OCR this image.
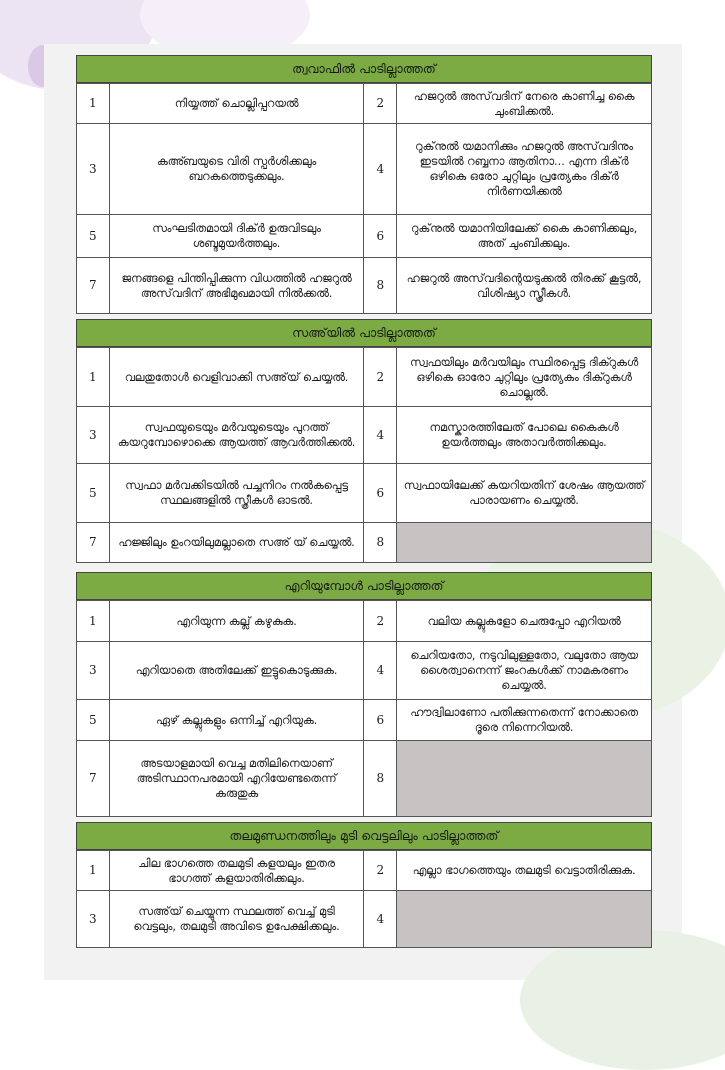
ത്വവാഫിൽ പാടില്ലാത്തത്
1	നിയ്യത്ത് ചൊല്ലിപ്പറയൽ	2	ഹജറുൽ അസ്‌വദിന് നേരെ കാണിച്ച കൈ ചുംബിക്കൽ.
3	കഅ്ബയുടെ വിരി സ്പർശിക്കലും ബറകത്തെടുക്കലും.	4	റുക്‌നുൽ യമാനിക്കും ഹജറുൽ അസ്‌വദിനും ഇടയിൽ റബ്ബനാ ആതിനാ... എന്ന ദിക്ർ ഒഴികെ ഒരോ ചുറ്റിലും പ്രത്യേകം ദിക്ർ നിർണയിക്കൽ
5	സംഘടിതമായി ദിക്ർ ഉരുവിടലും ശബ്ദമുയർത്തലും.	6	റുക്‌നുൽ യമാനിയിലേക്ക് കൈ കാണിക്കലും, അത് ചുംബിക്കലും.
7	ജനങ്ങളെ പിന്തിപ്പിക്കുന്ന വിധത്തിൽ ഹജറുൽ അസ്‌വദിന് അഭിമുഖമായി നിൽക്കൽ.	8	ഹജറുൽ അസ്‌വദിന്റെയടുക്കൽ തിരക്ക് കൂട്ടൽ, വിശിഷ്യാ സ്ത്രീകൾ.
സഅ്‌യിൽ പാടില്ലാത്തത്
1	വലതുതോൾ വെളിവാക്കി സഅ്‌യ് ചെയ്യൽ.	2	സ്വഫയിലും മർവയിലും സ്ഥിരപ്പെട്ട ദിക്റുകൾ ഒഴികെ ഓരോ ചുറ്റിലും പ്രത്യേകം ദിക്റുകൾ ചൊല്ലൽ.
3	സ്വഫയുടെയും മർവയുടെയും പുറത്ത് കയറുമ്പോഴൊക്കെ ആയത്ത് ആവർത്തിക്കൽ.	4	നമസ്കാരത്തിലേത് പോലെ കൈകൾ ഉയർത്തലും അതാവർത്തിക്കലും.
5	സ്വഫാ മർവക്കിടയിൽ പച്ചനിറം നൽകപ്പെട്ട സ്ഥലങ്ങളിൽ സ്ത്രീകൾ ഓടൽ.	6	സ്വഫായിലേക്ക് കയറിയതിന് ശേഷം ആയത്ത് പാരായണം ചെയ്യൽ.
7	ഹജ്ജിലും ഉംറയിലുമല്ലാതെ സഅ് യ് ചെയ്യൽ.	8	
എറിയുമ്പോൾ പാടില്ലാത്തത്
1	എറിയുന്ന കല്ല് കഴുകുക.	2	വലിയ കല്ലുകളോ ചെരുപ്പോ എറിയൽ
3	എറിയാതെ അതിലേക്ക് ഇട്ടുകൊടുക്കുക.	4	ചെറിയതോ, നടുവിലുള്ളതോ, വലുതോ ആയ ശൈത്വാനെന്ന് ജംറകൾക്ക് നാമകരണം ചെയ്യൽ.
5	ഏഴ് കല്ലുകളും ഒന്നിച്ച് എറിയുക.	6	ഹൗദ്വിലാണോ പതിക്കുന്നതെന്ന് നോക്കാതെ ദൂരെ നിന്നെറിയൽ.
7	അടയാളമായി വെച്ച മതിലിനെയാണ് അടിസ്ഥാനപരമായി എറിയേണ്ടതെന്ന് കരുതുക	8	
തലമുണ്ഡനത്തിലും മുടി വെട്ടലിലും പാടില്ലാത്തത്
1	ചില ഭാഗത്തെ തലമുടി കളയലും ഇതര ഭാഗത്ത് കളയാതിരിക്കലും.	2	എല്ലാ ഭാഗത്തെയും തലമുടി വെട്ടാതിരിക്കുക.
3	സഅ്‌യ് ചെയ്യുന്ന സ്ഥലത്ത് വെച്ച് മുടി വെട്ടലും, തലമുടി അവിടെ ഉപേക്ഷിക്കലും.	4	
